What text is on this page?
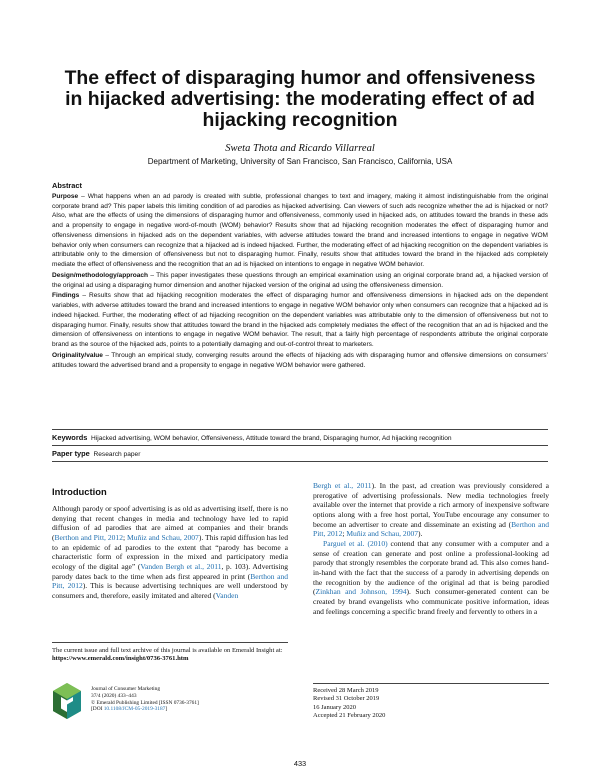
The effect of disparaging humor and offensiveness in hijacked advertising: the moderating effect of ad hijacking recognition
Sweta Thota and Ricardo Villarreal
Department of Marketing, University of San Francisco, San Francisco, California, USA
Abstract

Purpose – What happens when an ad parody is created with subtle, professional changes to text and imagery, making it almost indistinguishable from the original corporate brand ad? This paper labels this limiting condition of ad parodies as hijacked advertising. Can viewers of such ads recognize whether the ad is hijacked or not? Also, what are the effects of using the dimensions of disparaging humor and offensiveness, commonly used in hijacked ads, on attitudes toward the brands in these ads and a propensity to engage in negative word-of-mouth (WOM) behavior? Results show that ad hijacking recognition moderates the effect of disparaging humor and offensiveness dimensions in hijacked ads on the dependent variables, with adverse attitudes toward the brand and increased intentions to engage in negative WOM behavior only when consumers can recognize that a hijacked ad is indeed hijacked. Further, the moderating effect of ad hijacking recognition on the dependent variables is attributable only to the dimension of offensiveness but not to disparaging humor. Finally, results show that attitudes toward the brand in the hijacked ads completely mediate the effect of offensiveness and the recognition that an ad is hijacked on intentions to engage in negative WOM behavior.

Design/methodology/approach – This paper investigates these questions through an empirical examination using an original corporate brand ad, a hijacked version of the original ad using a disparaging humor dimension and another hijacked version of the original ad using the offensiveness dimension.

Findings – Results show that ad hijacking recognition moderates the effect of disparaging humor and offensiveness dimensions in hijacked ads on the dependent variables, with adverse attitudes toward the brand and increased intentions to engage in negative WOM behavior only when consumers can recognize that a hijacked ad is indeed hijacked. Further, the moderating effect of ad hijacking recognition on the dependent variables was attributable only to the dimension of offensiveness but not to disparaging humor. Finally, results show that attitudes toward the brand in the hijacked ads completely mediates the effect of the recognition that an ad is hijacked and the dimension of offensiveness on intentions to engage in negative WOM behavior. The result, that a fairly high percentage of respondents attribute the original corporate brand as the source of the hijacked ads, points to a potentially damaging and out-of-control threat to marketers.

Originality/value – Through an empirical study, converging results around the effects of hijacking ads with disparaging humor and offensive dimensions on consumers’ attitudes toward the advertised brand and a propensity to engage in negative WOM behavior were gathered.

Keywords Hijacked advertising, WOM behavior, Offensiveness, Attitude toward the brand, Disparaging humor, Ad hijacking recognition
Paper type Research paper
Introduction

Although parody or spoof advertising is as old as advertising itself, there is no denying that recent changes in media and technology have led to rapid diffusion of ad parodies that are aimed at companies and their brands (Berthon and Pitt, 2012; Muñiz and Schau, 2007). This rapid diffusion has led to an epidemic of ad parodies to the extent that “parody has become a characteristic form of expression in the mixed and participatory media ecology of the digital age” (Vanden Bergh et al., 2011, p. 103). Advertising parody dates back to the time when ads first appeared in print (Berthon and Pitt, 2012). This is because advertising techniques are well understood by consumers and, therefore, easily imitated and altered (Vanden

Bergh et al., 2011). In the past, ad creation was previously considered a prerogative of advertising professionals. New media technologies freely available over the internet that provide a rich armory of inexpensive software options along with a free host portal, YouTube encourage any consumer to become an advertiser to create and disseminate an existing ad (Berthon and Pitt, 2012; Muñiz and Schau, 2007).

Parguel et al. (2010) contend that any consumer with a computer and a sense of creation can generate and post online a professional-looking ad parody that strongly resembles the corporate brand ad. This also comes hand-in-hand with the fact that the success of a parody in advertising depends on the recognition by the audience of the original ad that is being parodied (Zinkhan and Johnson, 1994). Such consumer-generated content can be created by brand evangelists who communicate positive information, ideas and feelings concerning a specific brand freely and fervently to others in a

The current issue and full text archive of this journal is available on Emerald Insight at: https://www.emerald.com/insight/0736-3761.htm
Journal of Consumer Marketing
37/4 (2020) 433–443
© Emerald Publishing Limited [ISSN 0736-3761]
[DOI 10.1108/JCM-05-2019-3187]
Received 28 March 2019
Revised 31 October 2019
16 January 2020
Accepted 21 February 2020
433
